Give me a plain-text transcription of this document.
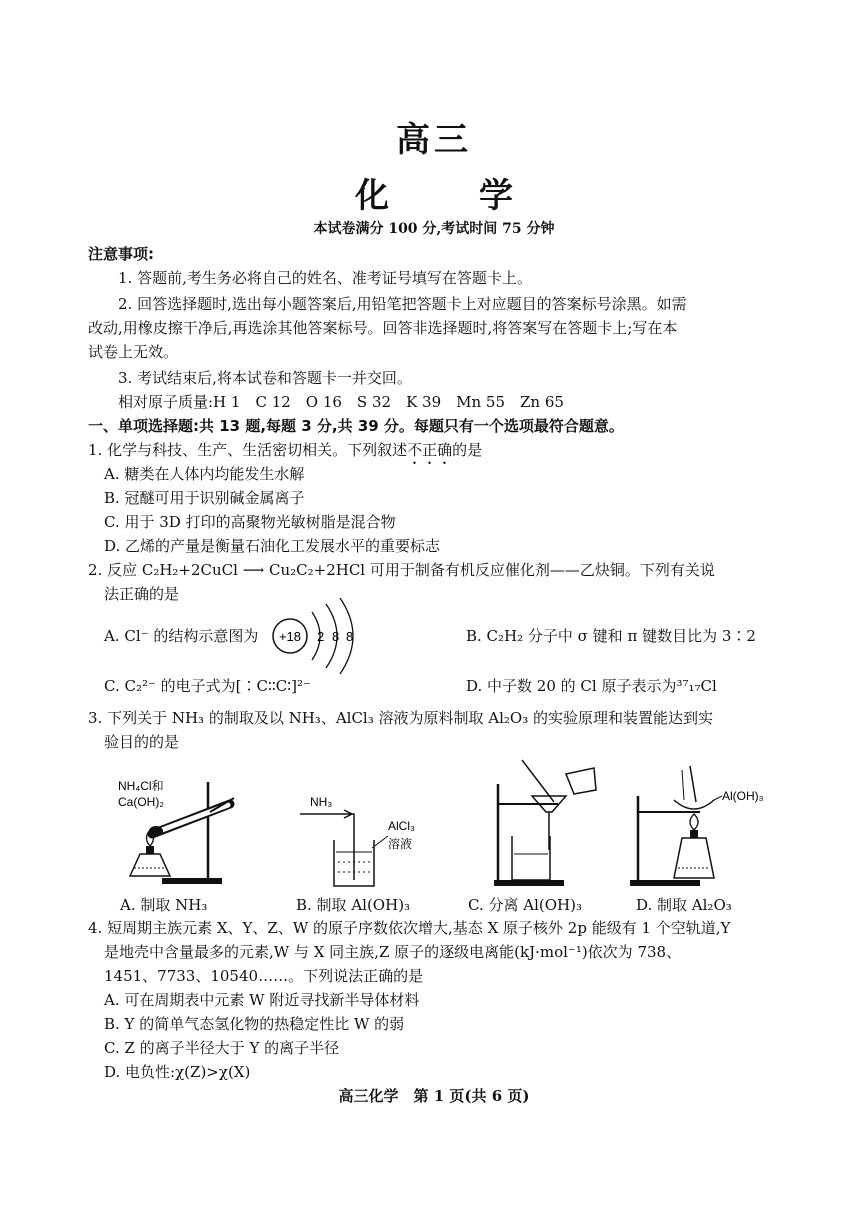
高三
化　学
本试卷满分 100 分,考试时间 75 分钟
注意事项:
1. 答题前,考生务必将自己的姓名、准考证号填写在答题卡上。
2. 回答选择题时,选出每小题答案后,用铅笔把答题卡上对应题目的答案标号涂黑。如需
改动,用橡皮擦干净后,再选涂其他答案标号。回答非选择题时,将答案写在答题卡上;写在本
试卷上无效。
3. 考试结束后,将本试卷和答题卡一并交回。
相对原子质量:H 1　C 12　O 16　S 32　K 39　Mn 55　Zn 65
一、单项选择题:共 13 题,每题 3 分,共 39 分。每题只有一个选项最符合题意。
1. 化学与科技、生产、生活密切相关。下列叙述不正确的是
A. 糖类在人体内均能发生水解
B. 冠醚可用于识别碱金属离子
C. 用于 3D 打印的高聚物光敏树脂是混合物
D. 乙烯的产量是衡量石油化工发展水平的重要标志
2. 反应 C₂H₂+2CuCl ⟶ Cu₂C₂+2HCl 可用于制备有机反应催化剂——乙炔铜。下列有关说
法正确的是
A. Cl⁻ 的结构示意图为 +18 2 8 8	B. C₂H₂ 分子中 σ 键和 π 键数目比为 3∶2
C. C₂²⁻ 的电子式为[∶C∶∶C∶]²⁻	D. 中子数 20 的 Cl 原子表示为³⁷₁₇Cl
3. 下列关于 NH₃ 的制取及以 NH₃、AlCl₃ 溶液为原料制取 Al₂O₃ 的实验原理和装置能达到实
验目的的是
NH₄Cl和
Ca(OH)₂
A. 制取 NH₃
NH₃
AlCl₃
溶液
B. 制取 Al(OH)₃	C. 分离 Al(OH)₃
Al(OH)₃
D. 制取 Al₂O₃
4. 短周期主族元素 X、Y、Z、W 的原子序数依次增大,基态 X 原子核外 2p 能级有 1 个空轨道,Y
是地壳中含量最多的元素,W 与 X 同主族,Z 原子的逐级电离能(kJ·mol⁻¹)依次为 738、
1451、7733、10540……。下列说法正确的是
A. 可在周期表中元素 W 附近寻找新半导体材料
B. Y 的简单气态氢化物的热稳定性比 W 的弱
C. Z 的离子半径大于 Y 的离子半径
D. 电负性:χ(Z)>χ(X)
高三化学　第 1 页(共 6 页)
